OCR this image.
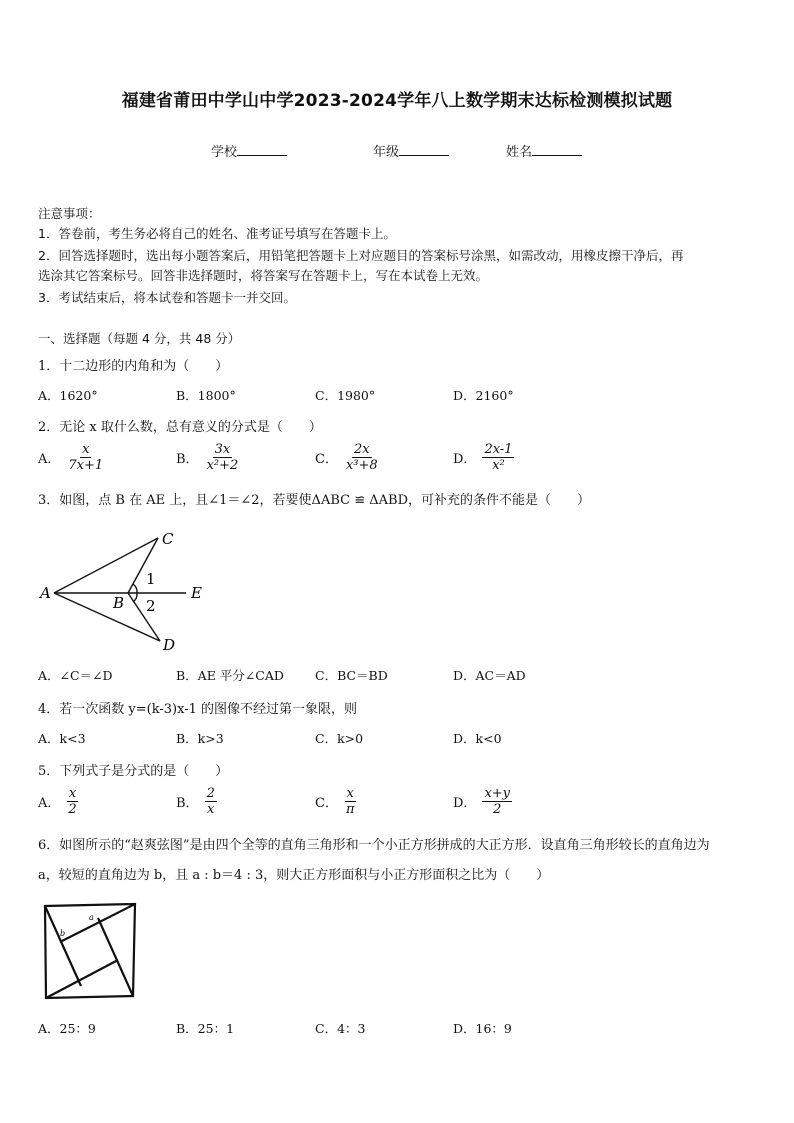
福建省莆田中学山中学2023-2024学年八上数学期末达标检测模拟试题
学校	年级	姓名
注意事项：
1．答卷前，考生务必将自己的姓名、准考证号填写在答题卡上。
2．回答选择题时，选出每小题答案后，用铅笔把答题卡上对应题目的答案标号涂黑，如需改动，用橡皮擦干净后，再
选涂其它答案标号。回答非选择题时，将答案写在答题卡上，写在本试卷上无效。
3．考试结束后，将本试卷和答题卡一并交回。
一、选择题（每题 4 分，共 48 分）
1．十二边形的内角和为（　　）
A．1620°	B．1800°	C．1980°	D．2160°
2．无论 x 取什么数，总有意义的分式是（　　）
A． $\frac{x}{7x+1}$	B． $\frac{3x}{\text{x²+2}}$	C． $\frac{2x}{\text{x³+8}}$	D． $\frac{2x-1}{\text{x²}}$
3．如图，点 B 在 AE 上，且∠1＝∠2，若要使ΔABC ≌ ΔABD，可补充的条件不能是（　　）
A
B
C
D
E
1
2
A．∠C＝∠D	B．AE 平分∠CAD C．BC＝BD	D．AC＝AD
4．若一次函数 y=(k-3)x-1 的图像不经过第一象限，则
A．k<3	B．k>3	C．k>0	D．k<0
5．下列式子是分式的是（　　）
A． $\frac{x}{2}$	B． $\frac{2}{x}$	C． $\frac{x}{\pi}$	D． $\frac{x+y}{2}$
6．如图所示的“赵爽弦图”是由四个全等的直角三角形和一个小正方形拼成的大正方形．设直角三角形较长的直角边为
a，较短的直角边为 b，且 a : b＝4 : 3，则大正方形面积与小正方形面积之比为（　　）
a
b
A．25：9	B．25：1	C．4：3	D．16：9
